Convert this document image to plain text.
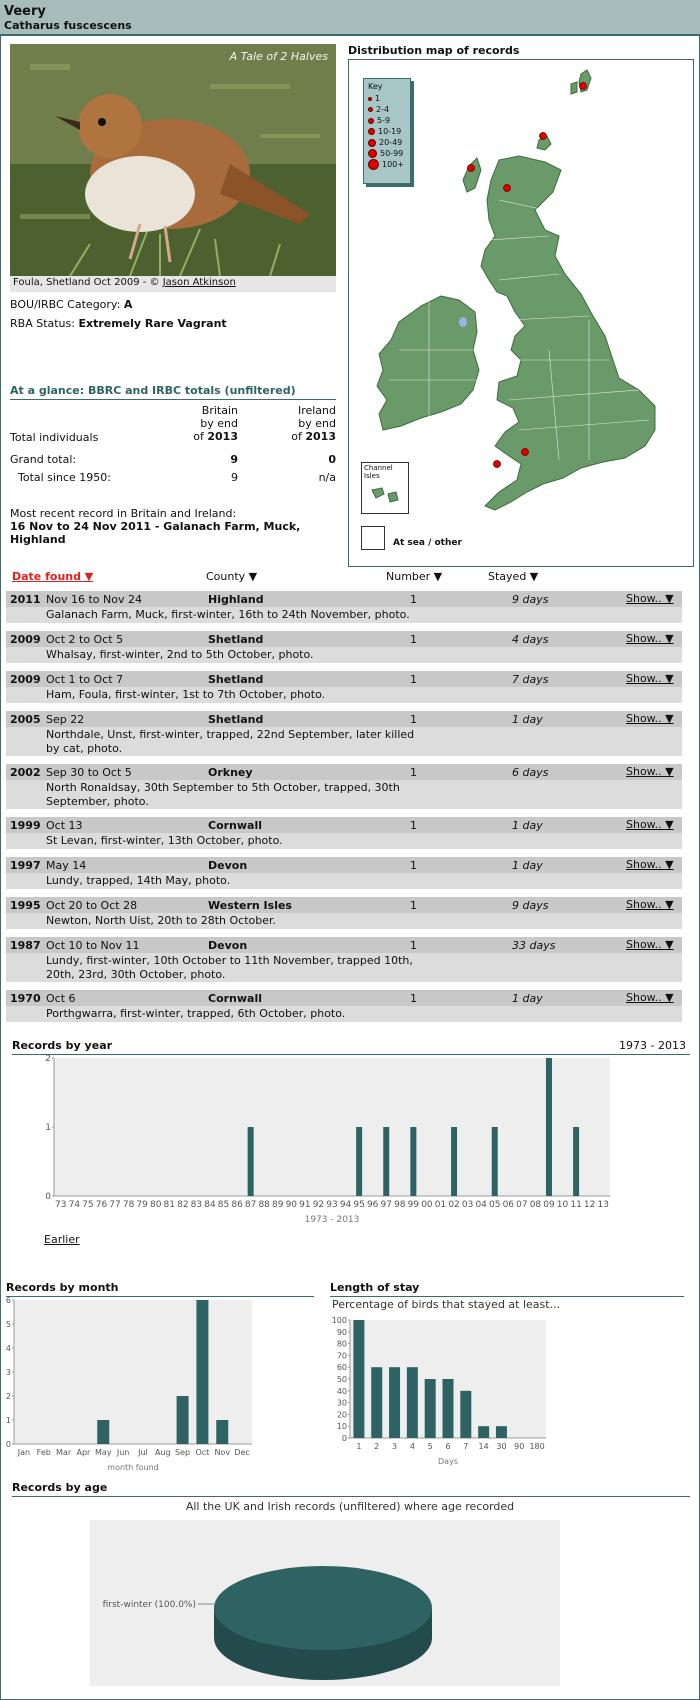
Veery
Catharus fuscescens
A Tale of 2 Halves
Foula, Shetland Oct 2009 - © Jason Atkinson
BOU/IRBC Category: A
RBA Status: Extremely Rare Vagrant
At a glance: BBRC and IRBC totals (unfiltered)
Britain
by end
of 2013
Ireland
by end
of 2013
Total individuals
Grand total:	9	0
Total since 1950:	9	n/a
Most recent record in Britain and Ireland:
16 Nov to 24 Nov 2011 - Galanach Farm, Muck, Highland
Distribution map of records
Key
1
2-4
5-9
10-19
20-49
50-99
100+
Channel Isles
At sea / other
Date found ▼	County ▼	Number ▼	Stayed ▼
2011 Nov 16 to Nov 24	Highland	1	9 days	Show.. ▼
Galanach Farm, Muck, first-winter, 16th to 24th November, photo.
2009 Oct 2 to Oct 5	Shetland	1	4 days	Show.. ▼
Whalsay, first-winter, 2nd to 5th October, photo.
2009 Oct 1 to Oct 7	Shetland	1	7 days	Show.. ▼
Ham, Foula, first-winter, 1st to 7th October, photo.
2005 Sep 22	Shetland	1	1 day	Show.. ▼
Northdale, Unst, first-winter, trapped, 22nd September, later killed by cat, photo.
2002 Sep 30 to Oct 5	Orkney	1	6 days	Show.. ▼
North Ronaldsay, 30th September to 5th October, trapped, 30th September, photo.
1999 Oct 13	Cornwall	1	1 day	Show.. ▼
St Levan, first-winter, 13th October, photo.
1997 May 14	Devon	1	1 day	Show.. ▼
Lundy, trapped, 14th May, photo.
1995 Oct 20 to Oct 28	Western Isles	1	9 days	Show.. ▼
Newton, North Uist, 20th to 28th October.
1987 Oct 10 to Nov 11	Devon	1	33 days	Show.. ▼
Lundy, first-winter, 10th October to 11th November, trapped 10th, 20th, 23rd, 30th October, photo.
1970 Oct 6	Cornwall	1	1 day	Show.. ▼
Porthgwarra, first-winter, trapped, 6th October, photo.
Records by year	1973 - 2013
0
1
2
73 74 75 76 77 78 79 80 81 82 83 84 85 86 87 88 89 90 91 92 93 94 95 96 97 98 99 00 01 02 03 04 05 06 07 08 09 10 11 12 13
1973 - 2013
Earlier
Records by month
0
1
2
3
4
5
6
Jan Feb Mar Apr May Jun Jul Aug Sep Oct Nov Dec
month found
Length of stay
0
10
20
30
40
50
60
70
80
90
100
1 2 3 4 5 6 7 14 30 90 180
Days
Percentage of birds that stayed at least...
Records by age
All the UK and Irish records (unfiltered) where age recorded
first-winter (100.0%)
